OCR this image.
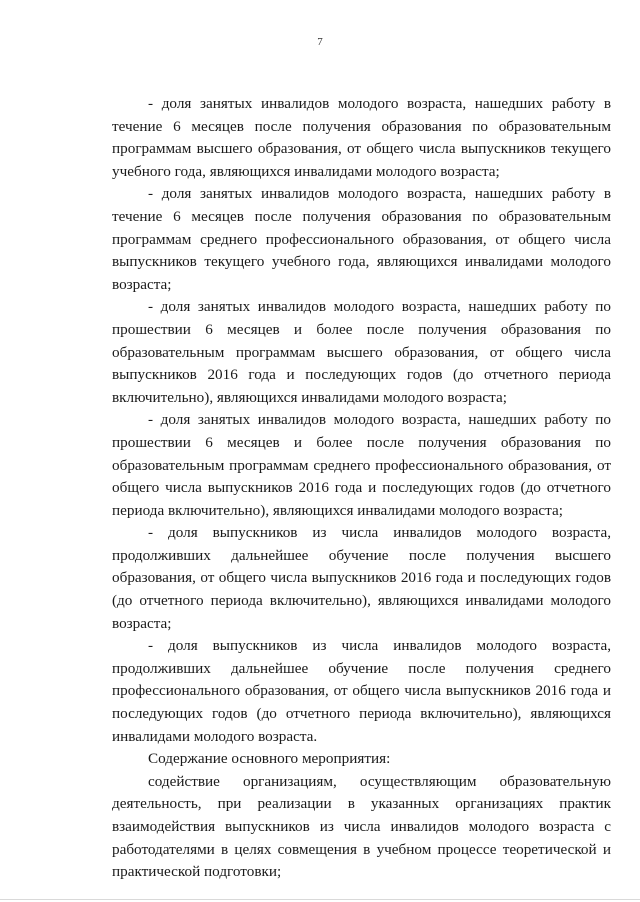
7

- доля занятых инвалидов молодого возраста, нашедших работу в течение 6 месяцев после получения образования по образовательным программам высшего образования, от общего числа выпускников текущего учебного года, являющихся инвалидами молодого возраста;

- доля занятых инвалидов молодого возраста, нашедших работу в течение 6 месяцев после получения образования по образовательным программам среднего профессионального образования, от общего числа выпускников текущего учебного года, являющихся инвалидами молодого возраста;

- доля занятых инвалидов молодого возраста, нашедших работу по прошествии 6 месяцев и более после получения образования по образовательным программам высшего образования, от общего числа выпускников 2016 года и последующих годов (до отчетного периода включительно), являющихся инвалидами молодого возраста;

- доля занятых инвалидов молодого возраста, нашедших работу по прошествии 6 месяцев и более после получения образования по образовательным программам среднего профессионального образования, от общего числа выпускников 2016 года и последующих годов (до отчетного периода включительно), являющихся инвалидами молодого возраста;

- доля выпускников из числа инвалидов молодого возраста, продолживших дальнейшее обучение после получения высшего образования, от общего числа выпускников 2016 года и последующих годов (до отчетного периода включительно), являющихся инвалидами молодого возраста;

- доля выпускников из числа инвалидов молодого возраста, продолживших дальнейшее обучение после получения среднего профессионального образования, от общего числа выпускников 2016 года и последующих годов (до отчетного периода включительно), являющихся инвалидами молодого возраста.

Содержание основного мероприятия:

содействие организациям, осуществляющим образовательную деятельность, при реализации в указанных организациях практик взаимодействия выпускников из числа инвалидов молодого возраста с работодателями в целях совмещения в учебном процессе теоретической и практической подготовки;
